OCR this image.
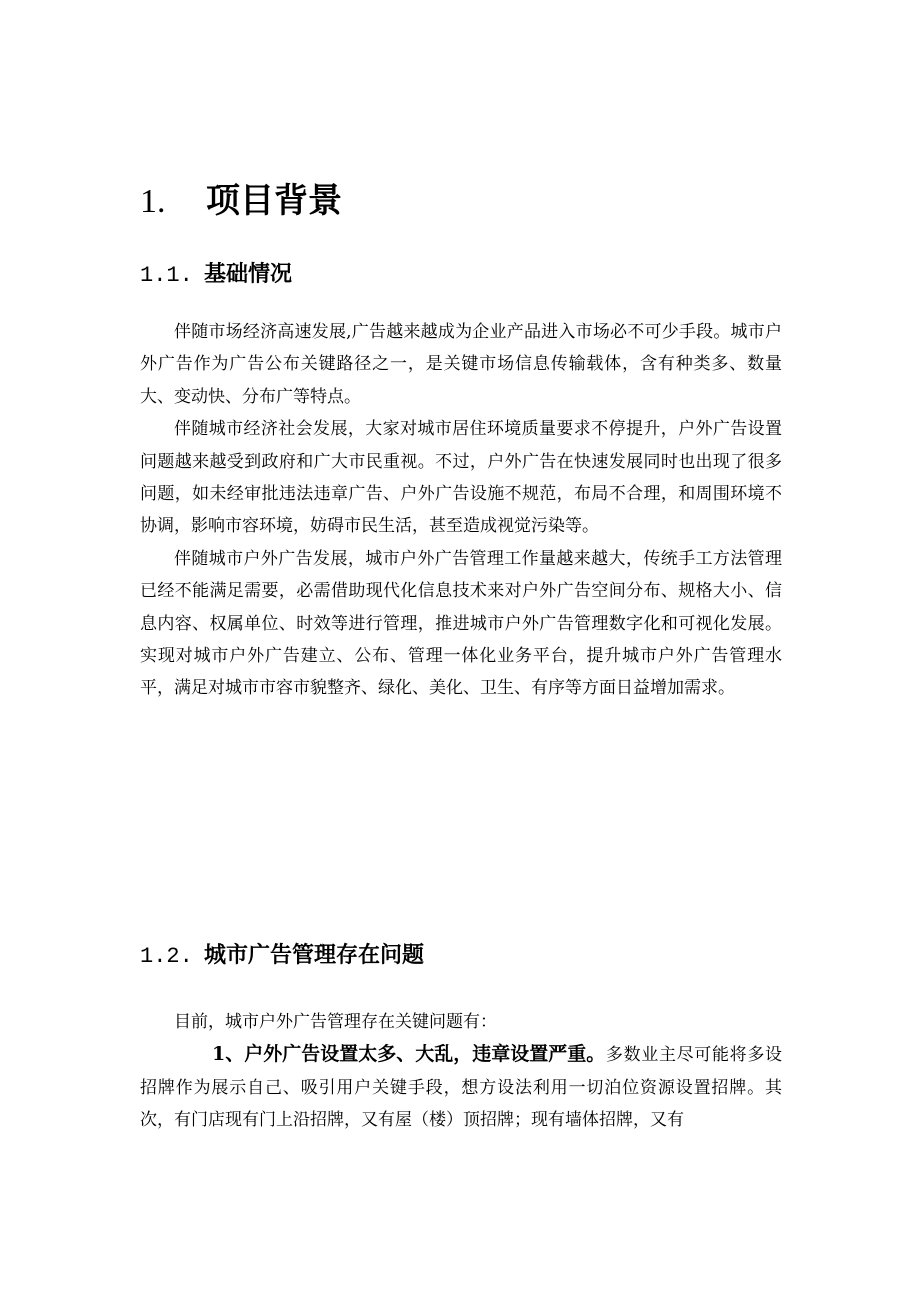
1. 项目背景
1.1. 基础情况

伴随市场经济高速发展,广告越来越成为企业产品进入市场必不可少手段。城市户外广告作为广告公布关键路径之一，是关键市场信息传输载体，含有种类多、数量大、变动快、分布广等特点。

伴随城市经济社会发展，大家对城市居住环境质量要求不停提升，户外广告设置问题越来越受到政府和广大市民重视。不过，户外广告在快速发展同时也出现了很多问题，如未经审批违法违章广告、户外广告设施不规范，布局不合理，和周围环境不协调，影响市容环境，妨碍市民生活，甚至造成视觉污染等。

伴随城市户外广告发展，城市户外广告管理工作量越来越大，传统手工方法管理已经不能满足需要，必需借助现代化信息技术来对户外广告空间分布、规格大小、信息内容、权属单位、时效等进行管理，推进城市户外广告管理数字化和可视化发展。实现对城市户外广告建立、公布、管理一体化业务平台，提升城市户外广告管理水平，满足对城市市容市貌整齐、绿化、美化、卫生、有序等方面日益增加需求。

1.2. 城市广告管理存在问题

目前，城市户外广告管理存在关键问题有：

1、户外广告设置太多、大乱，违章设置严重。多数业主尽可能将多设招牌作为展示自己、吸引用户关键手段，想方设法利用一切泊位资源设置招牌。其次，有门店现有门上沿招牌，又有屋（楼）顶招牌；现有墙体招牌，又有
